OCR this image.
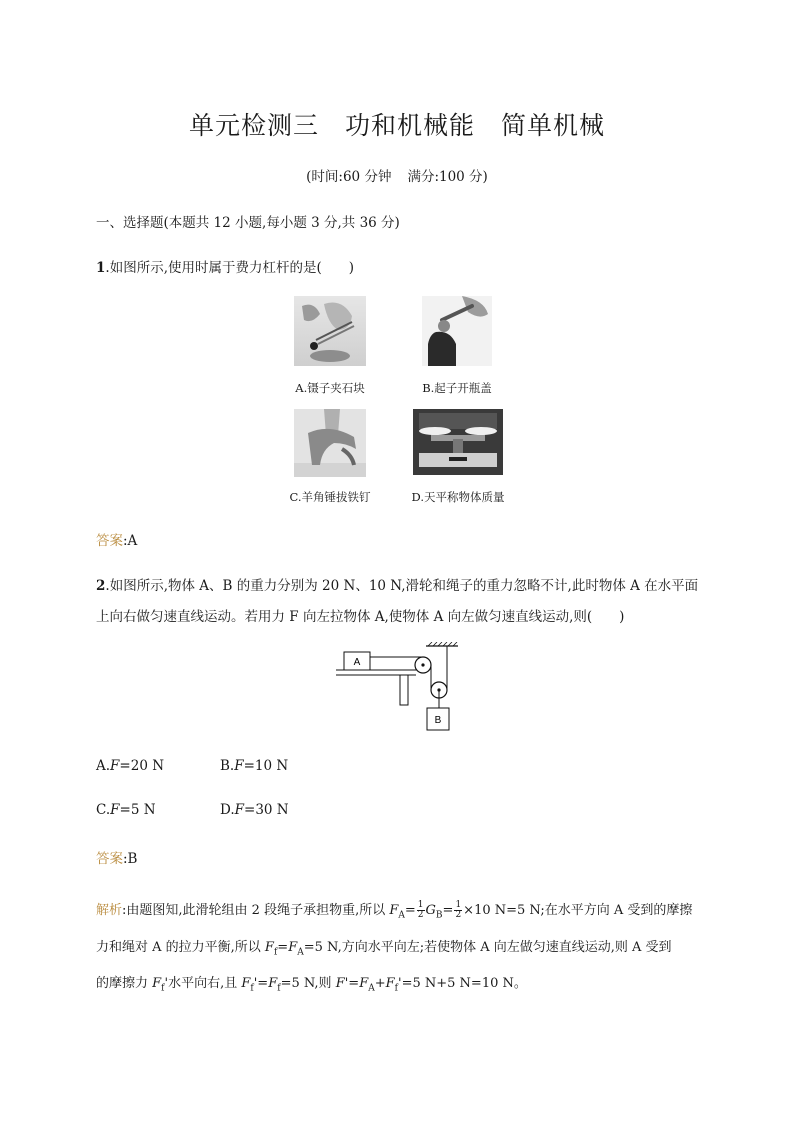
单元检测三 功和机械能 简单机械
(时间:60 分钟 满分:100 分)
一、选择题(本题共 12 小题,每小题 3 分,共 36 分)
1.如图所示,使用时属于费力杠杆的是(　　)
A.镊子夹石块	B.起子开瓶盖
C.羊角锤拔铁钉	D.天平称物体质量
答案:A
2.如图所示,物体 A、B 的重力分别为 20 N、10 N,滑轮和绳子的重力忽略不计,此时物体 A 在水平面
上向右做匀速直线运动。若用力 F 向左拉物体 A,使物体 A 向左做匀速直线运动,则(　　)
A
B
A.F=20 N	B.F=10 N
C.F=5 N	D.F=30 N
答案:B
解析:由题图知,此滑轮组由 2 段绳子承担物重,所以 $F_A= \frac{1}{2} G_B= \frac{1}{2} \times 10$ N=5 N;在水平方向 A 受到的摩擦
力和绳对 A 的拉力平衡,所以 $F_f=F_A=5$ N,方向水平向左;若使物体 A 向左做匀速直线运动,则 A 受到
的摩擦力 $F_f'$水平向右,且 $F_f'=F_f=5$ N,则 $F'=F_A+F_f'=5$ N+5 N=10 N。
